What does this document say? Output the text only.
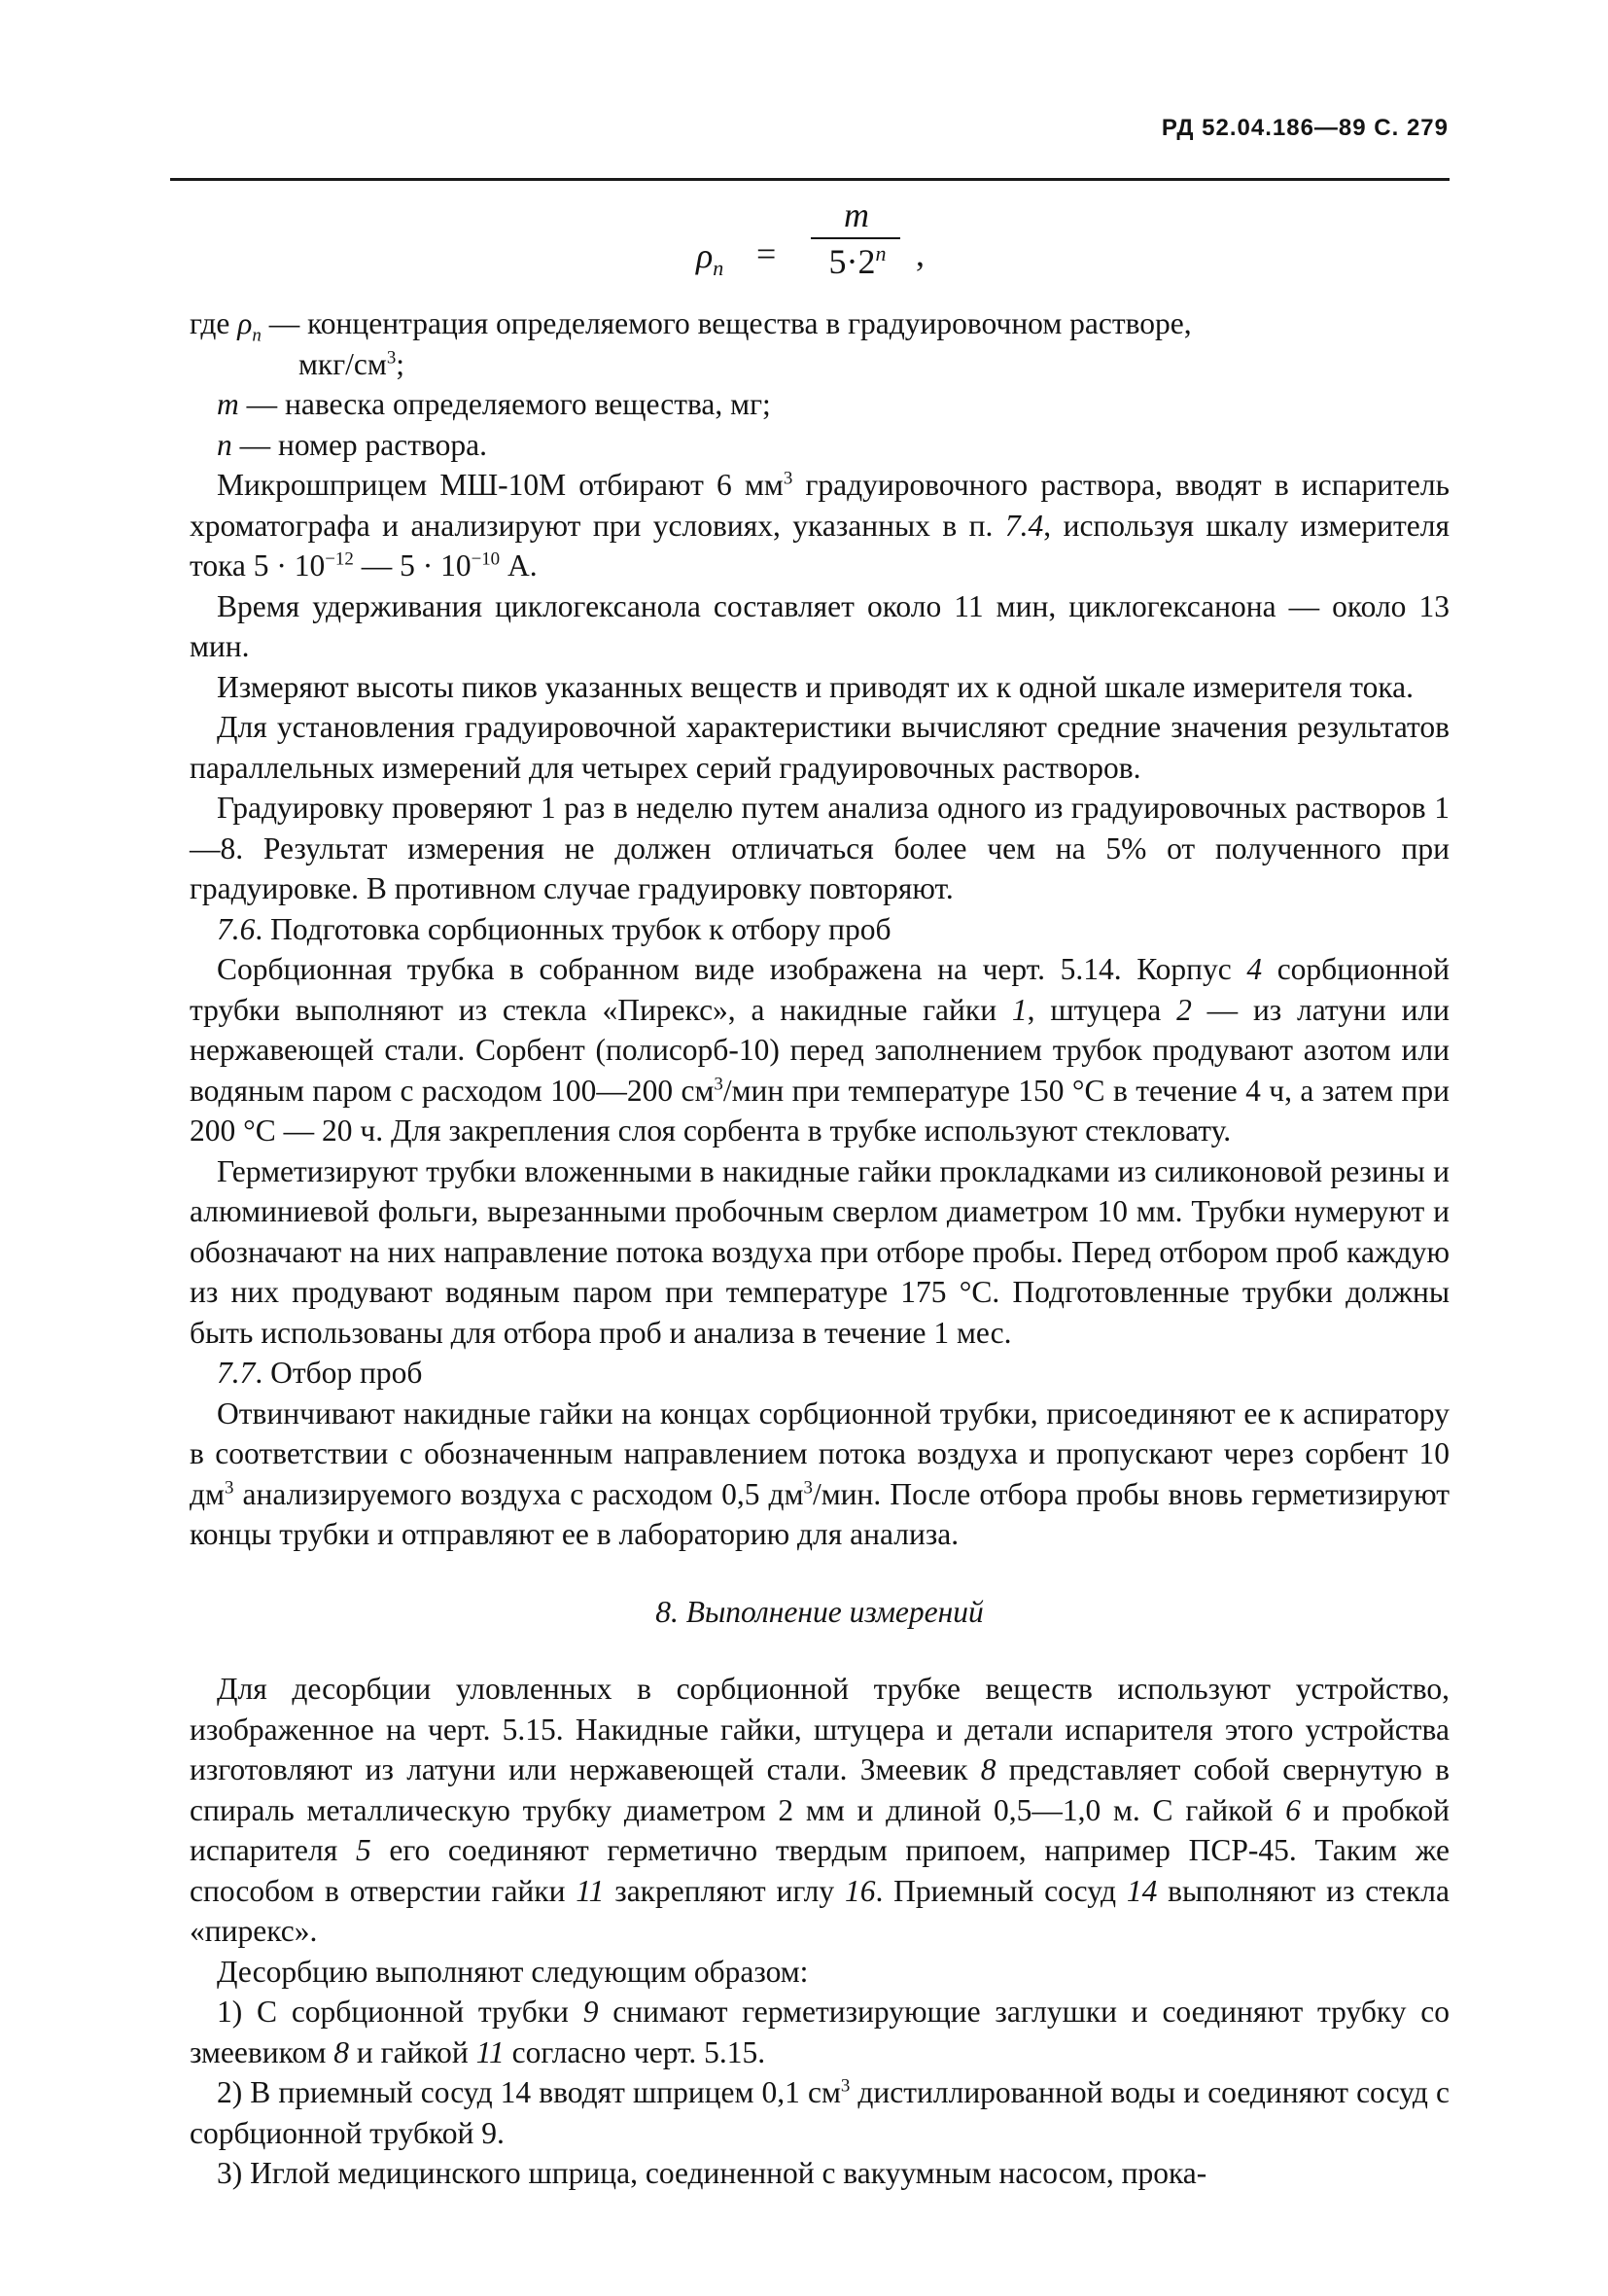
РД 52.04.186—89 С. 279
$\rho_n$ =
m
$5\cdot 2^n$ ,

где $\rho_n$ — концентрация определяемого вещества в градуировочном растворе,

мкг/$см^3$;

m — навеска определяемого вещества, мг;

n — номер раствора.

Микрошприцем МШ-10М отбирают 6 $мм^3$ градуировочного раствора, вводят в испаритель хроматографа и анализируют при условиях, указанных в п. 7.4, используя шкалу измерителя тока $5 \cdot 10^{-12}$ — $5 \cdot 10^{-10}$ А.

Время удерживания циклогексанола составляет около 11 мин, циклогексанона — около 13 мин.

Измеряют высоты пиков указанных веществ и приводят их к одной шкале измерителя тока.

Для установления градуировочной характеристики вычисляют средние значения результатов параллельных измерений для четырех серий градуировочных растворов.

Градуировку проверяют 1 раз в неделю путем анализа одного из градуировочных растворов 1—8. Результат измерения не должен отличаться более чем на 5% от полученного при градуировке. В противном случае градуировку повторяют.

7.6. Подготовка сорбционных трубок к отбору проб

Сорбционная трубка в собранном виде изображена на черт. 5.14. Корпус 4 сорбционной трубки выполняют из стекла «Пирекс», а накидные гайки 1, штуцера 2 — из латуни или нержавеющей стали. Сорбент (полисорб-10) перед заполнением трубок продувают азотом или водяным паром с расходом 100—200 $см^3$/мин при температуре 150 °С в течение 4 ч, а затем при 200 °С — 20 ч. Для закрепления слоя сорбента в трубке используют стекловату.

Герметизируют трубки вложенными в накидные гайки прокладками из силиконовой резины и алюминиевой фольги, вырезанными пробочным сверлом диаметром 10 мм. Трубки нумеруют и обозначают на них направление потока воздуха при отборе пробы. Перед отбором проб каждую из них продувают водяным паром при температуре 175 °С. Подготовленные трубки должны быть использованы для отбора проб и анализа в течение 1 мес.

7.7. Отбор проб

Отвинчивают накидные гайки на концах сорбционной трубки, присоединяют ее к аспиратору в соответствии с обозначенным направлением потока воздуха и пропускают через сорбент 10 $дм^3$ анализируемого воздуха с расходом 0,5 $дм^3$/мин. После отбора пробы вновь герметизируют концы трубки и отправляют ее в лабораторию для анализа.

8. Выполнение измерений

Для десорбции уловленных в сорбционной трубке веществ используют устройство, изображенное на черт. 5.15. Накидные гайки, штуцера и детали испарителя этого устройства изготовляют из латуни или нержавеющей стали. Змеевик 8 представляет собой свернутую в спираль металлическую трубку диаметром 2 мм и длиной 0,5—1,0 м. С гайкой 6 и пробкой испарителя 5 его соединяют герметично твердым припоем, например ПСР-45. Таким же способом в отверстии гайки 11 закрепляют иглу 16. Приемный сосуд 14 выполняют из стекла «пирекс».

Десорбцию выполняют следующим образом:

1) С сорбционной трубки 9 снимают герметизирующие заглушки и соединяют трубку со змеевиком 8 и гайкой 11 согласно черт. 5.15.

2) В приемный сосуд 14 вводят шприцем 0,1 $см^3$ дистиллированной воды и соединяют сосуд с сорбционной трубкой 9.

3) Иглой медицинского шприца, соединенной с вакуумным насосом, прока-
